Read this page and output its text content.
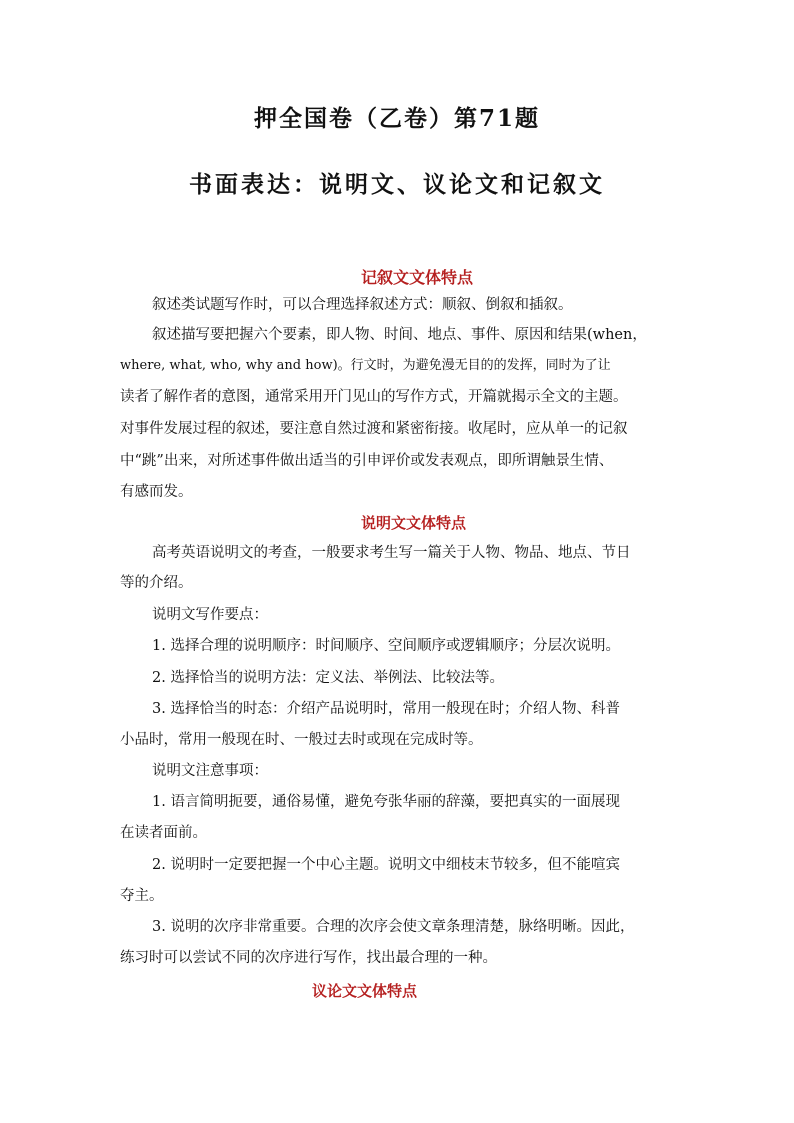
押全国卷（乙卷）第71题
书面表达：说明文、议论文和记叙文
记叙文文体特点
叙述类试题写作时，可以合理选择叙述方式：顺叙、倒叙和插叙。
叙述描写要把握六个要素，即人物、时间、地点、事件、原因和结果(when，
where, what, who, why and how)。行文时，为避免漫无目的的发挥，同时为了让
读者了解作者的意图，通常采用开门见山的写作方式，开篇就揭示全文的主题。
对事件发展过程的叙述，要注意自然过渡和紧密衔接。收尾时，应从单一的记叙
中“跳”出来，对所述事件做出适当的引申评价或发表观点，即所谓触景生情、
有感而发。
说明文文体特点
高考英语说明文的考查，一般要求考生写一篇关于人物、物品、地点、节日
等的介绍。
说明文写作要点：
1. 选择合理的说明顺序：时间顺序、空间顺序或逻辑顺序；分层次说明。
2. 选择恰当的说明方法：定义法、举例法、比较法等。
3. 选择恰当的时态：介绍产品说明时，常用一般现在时；介绍人物、科普
小品时，常用一般现在时、一般过去时或现在完成时等。
说明文注意事项：
1. 语言简明扼要，通俗易懂，避免夸张华丽的辞藻，要把真实的一面展现
在读者面前。
2. 说明时一定要把握一个中心主题。说明文中细枝末节较多，但不能喧宾
夺主。
3. 说明的次序非常重要。合理的次序会使文章条理清楚，脉络明晰。因此，
练习时可以尝试不同的次序进行写作，找出最合理的一种。
议论文文体特点
